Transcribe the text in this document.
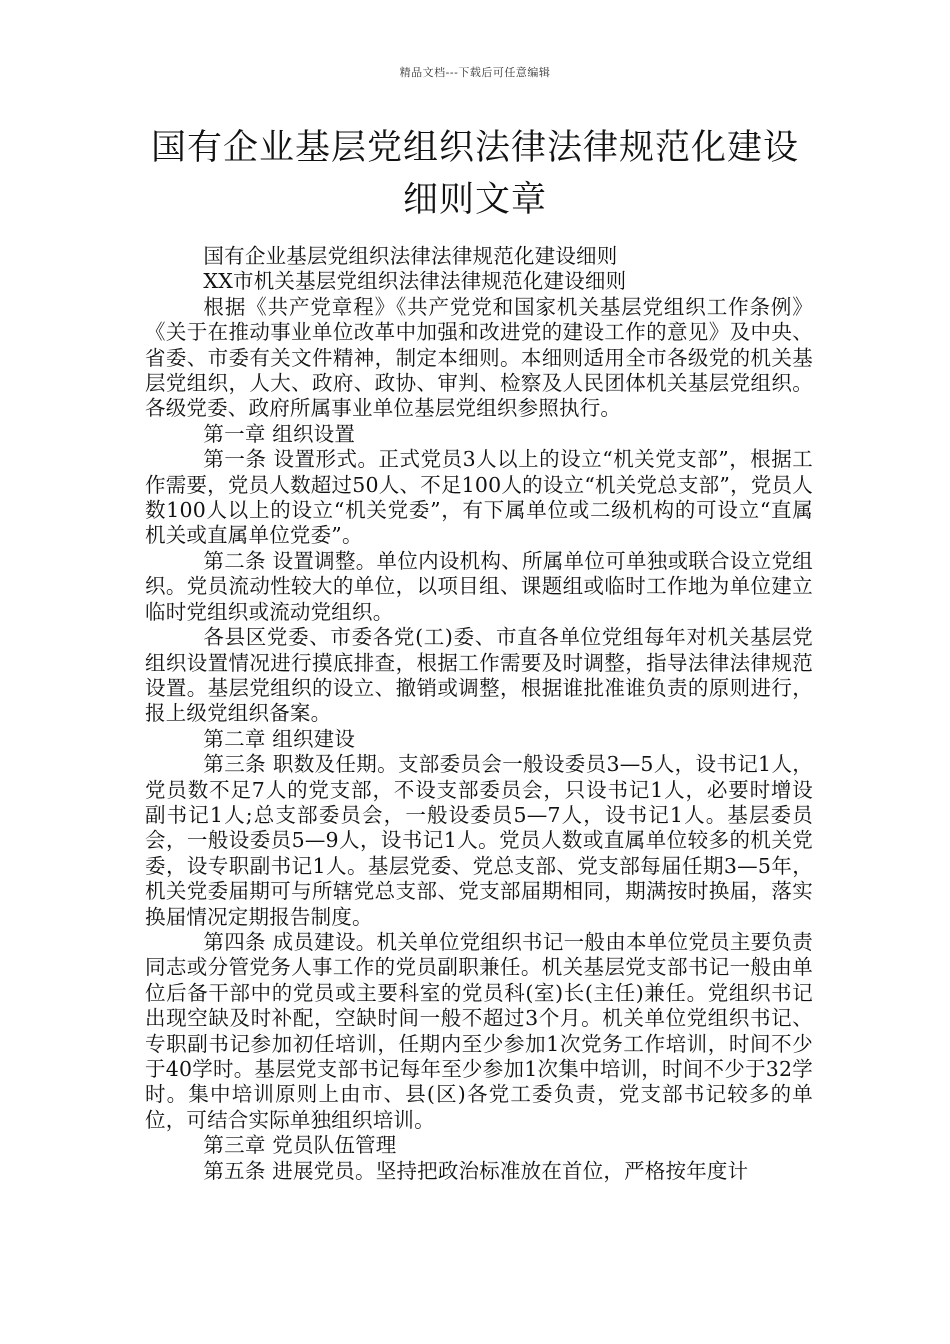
精品文档---下载后可任意编辑
国有企业基层党组织法律法律规范化建设细则文章

国有企业基层党组织法律法律规范化建设细则

XX市机关基层党组织法律法律规范化建设细则

根据《共产党章程》《共产党党和国家机关基层党组织工作条例》《关于在推动事业单位改革中加强和改进党的建设工作的意见》及中央、省委、市委有关文件精神，制定本细则。本细则适用全市各级党的机关基层党组织，人大、政府、政协、审判、检察及人民团体机关基层党组织。各级党委、政府所属事业单位基层党组织参照执行。

第一章 组织设置

第一条 设置形式。正式党员3人以上的设立“机关党支部”，根据工作需要，党员人数超过50人、不足100人的设立“机关党总支部”，党员人数100人以上的设立“机关党委”，有下属单位或二级机构的可设立“直属机关或直属单位党委”。

第二条 设置调整。单位内设机构、所属单位可单独或联合设立党组织。党员流动性较大的单位，以项目组、课题组或临时工作地为单位建立临时党组织或流动党组织。

各县区党委、市委各党(工)委、市直各单位党组每年对机关基层党组织设置情况进行摸底排查，根据工作需要及时调整，指导法律法律规范设置。基层党组织的设立、撤销或调整，根据谁批准谁负责的原则进行，报上级党组织备案。

第二章 组织建设

第三条 职数及任期。支部委员会一般设委员3—5人，设书记1人，党员数不足7人的党支部，不设支部委员会，只设书记1人，必要时增设副书记1人;总支部委员会，一般设委员5—7人，设书记1人。基层委员会，一般设委员5—9人，设书记1人。党员人数或直属单位较多的机关党委，设专职副书记1人。基层党委、党总支部、党支部每届任期3—5年，机关党委届期可与所辖党总支部、党支部届期相同，期满按时换届，落实换届情况定期报告制度。

第四条 成员建设。机关单位党组织书记一般由本单位党员主要负责同志或分管党务人事工作的党员副职兼任。机关基层党支部书记一般由单位后备干部中的党员或主要科室的党员科(室)长(主任)兼任。党组织书记出现空缺及时补配，空缺时间一般不超过3个月。机关单位党组织书记、专职副书记参加初任培训，任期内至少参加1次党务工作培训，时间不少于40学时。基层党支部书记每年至少参加1次集中培训，时间不少于32学时。集中培训原则上由市、县(区)各党工委负责，党支部书记较多的单位，可结合实际单独组织培训。

第三章 党员队伍管理

第五条 进展党员。坚持把政治标准放在首位，严格按年度计
